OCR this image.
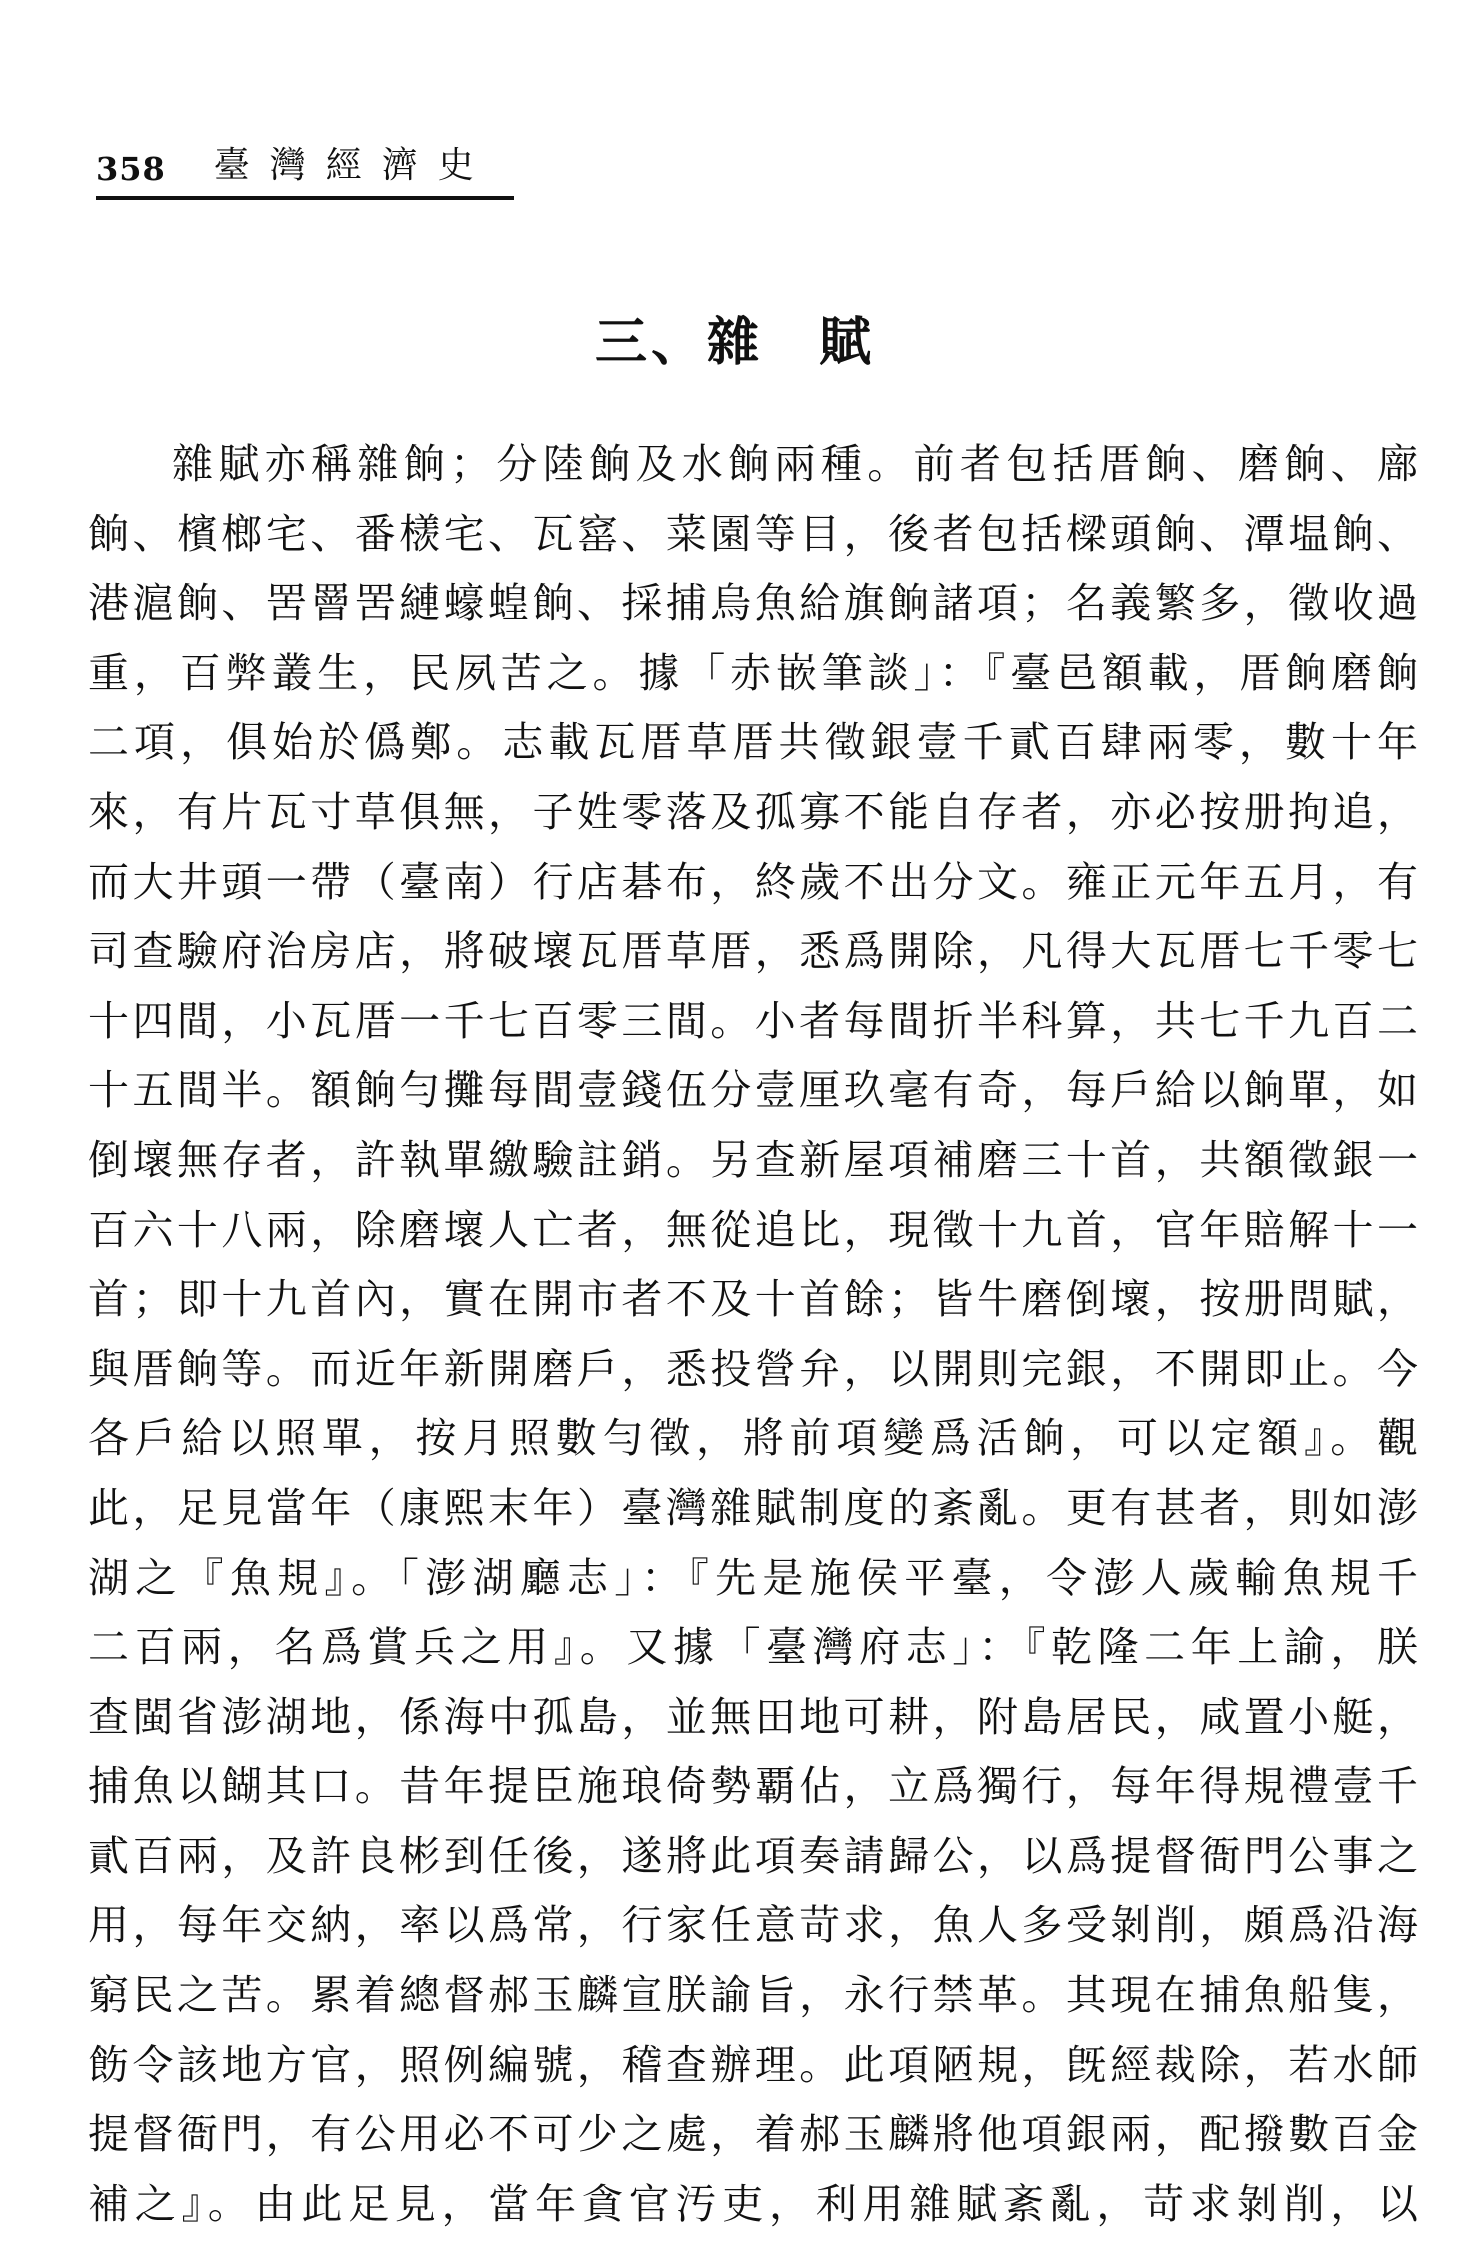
358 臺灣經濟史
三、雜　賦
雜賦亦稱雜餉；分陸餉及水餉兩種。前者包括厝餉、磨餉、廍
餉、檳榔宅、番檨宅、瓦窰、菜園等目，後者包括樑頭餉、潭塭餉、
港滬餉、罟罾罟縺蠔蝗餉、採捕烏魚給旗餉諸項；名義繁多，徵收過
重，百弊叢生，民夙苦之。據「赤嵌筆談」：『臺邑額載，厝餉磨餉
二項，俱始於僞鄭。志載瓦厝草厝共徵銀壹千貳百肆兩零，數十年
來，有片瓦寸草俱無，子姓零落及孤寡不能自存者，亦必按册拘追，
而大井頭一帶（臺南）行店碁布，終歲不出分文。雍正元年五月，有
司查驗府治房店，將破壞瓦厝草厝，悉爲開除，凡得大瓦厝七千零七
十四間，小瓦厝一千七百零三間。小者每間折半科算，共七千九百二
十五間半。額餉勻攤每間壹錢伍分壹厘玖毫有奇，每戶給以餉單，如
倒壞無存者，許執單繳驗註銷。另查新屋項補磨三十首，共額徵銀一
百六十八兩，除磨壞人亡者，無從追比，現徵十九首，官年賠解十一
首；即十九首內，實在開市者不及十首餘；皆牛磨倒壞，按册問賦，
與厝餉等。而近年新開磨戶，悉投營弁，以開則完銀，不開即止。今
各戶給以照單，按月照數勻徵，將前項變爲活餉，可以定額』。觀
此，足見當年（康熙末年）臺灣雜賦制度的紊亂。更有甚者，則如澎
湖之『魚規』。「澎湖廳志」：『先是施侯平臺，令澎人歲輸魚規千
二百兩，名爲賞兵之用』。又據「臺灣府志」：『乾隆二年上諭，朕
查閩省澎湖地，係海中孤島，並無田地可耕，附島居民，咸置小艇，
捕魚以餬其口。昔年提臣施琅倚勢覇佔，立爲獨行，每年得規禮壹千
貳百兩，及許良彬到任後，遂將此項奏請歸公，以爲提督衙門公事之
用，每年交納，率以爲常，行家任意苛求，魚人多受剝削，頗爲沿海
窮民之苦。累着總督郝玉麟宣朕諭旨，永行禁革。其現在捕魚船隻，
飭令該地方官，照例編號，稽查辦理。此項陋規，旣經裁除，若水師
提督衙門，有公用必不可少之處，着郝玉麟將他項銀兩，配撥數百金
補之』。由此足見，當年貪官汚吏，利用雜賦紊亂，苛求剝削，以
